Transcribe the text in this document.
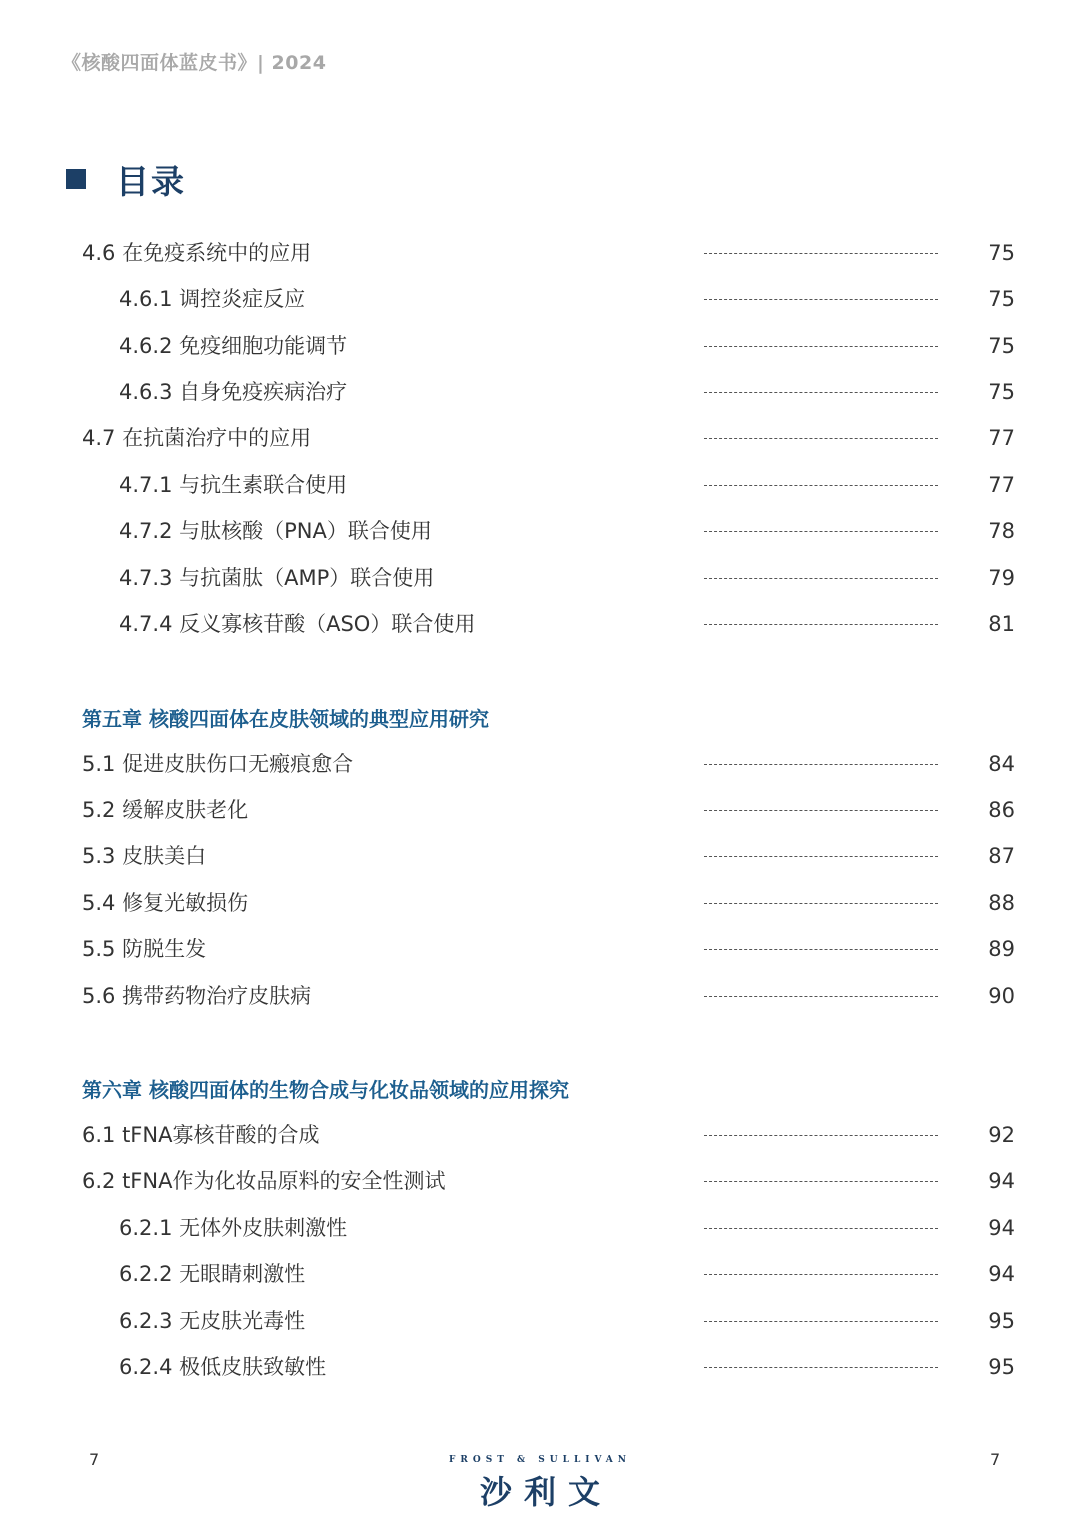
《核酸四面体蓝皮书》| 2024
目录
4.6 在免疫系统中的应用	75
4.6.1 调控炎症反应	75
4.6.2 免疫细胞功能调节	75
4.6.3 自身免疫疾病治疗	75
4.7 在抗菌治疗中的应用	77
4.7.1 与抗生素联合使用	77
4.7.2 与肽核酸（PNA）联合使用	78
4.7.3 与抗菌肽（AMP）联合使用	79
4.7.4 反义寡核苷酸（ASO）联合使用	81
第五章 核酸四面体在皮肤领域的典型应用研究
5.1 促进皮肤伤口无瘢痕愈合	84
5.2 缓解皮肤老化	86
5.3 皮肤美白	87
5.4 修复光敏损伤	88
5.5 防脱生发	89
5.6 携带药物治疗皮肤病	90
第六章 核酸四面体的生物合成与化妆品领域的应用探究
6.1 tFNA寡核苷酸的合成	92
6.2 tFNA作为化妆品原料的安全性测试	94
6.2.1 无体外皮肤刺激性	94
6.2.2 无眼睛刺激性	94
6.2.3 无皮肤光毒性	95
6.2.4 极低皮肤致敏性	95
7	7
FROST & SULLIVAN
沙利文
